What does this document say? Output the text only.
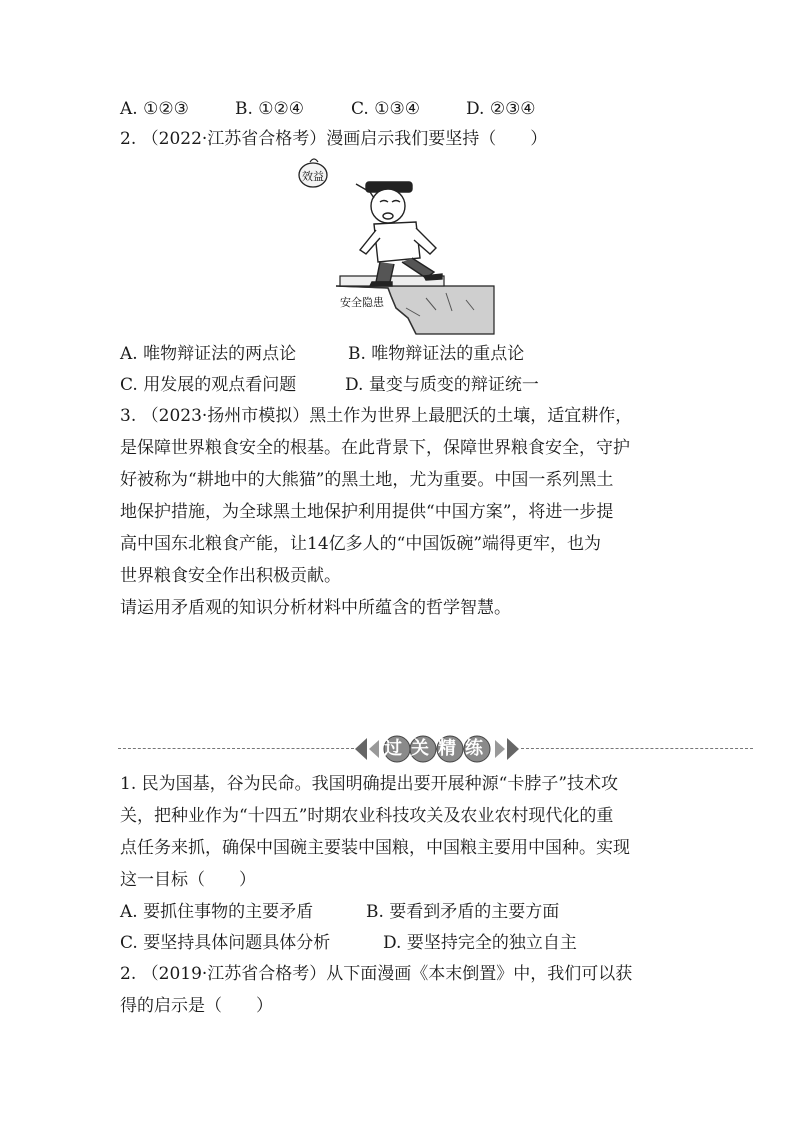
A. ①②③	B. ①②④	C. ①③④	D. ②③④
2. （2022·江苏省合格考）漫画启示我们要坚持（　　）
效益
安全隐患
A. 唯物辩证法的两点论	B. 唯物辩证法的重点论
C. 用发展的观点看问题	D. 量变与质变的辩证统一
3. （2023·扬州市模拟）黑土作为世界上最肥沃的土壤，适宜耕作，
是保障世界粮食安全的根基。在此背景下，保障世界粮食安全，守护
好被称为“耕地中的大熊猫”的黑土地，尤为重要。中国一系列黑土
地保护措施，为全球黑土地保护利用提供“中国方案”，将进一步提
高中国东北粮食产能，让14亿多人的“中国饭碗”端得更牢，也为
世界粮食安全作出积极贡献。
请运用矛盾观的知识分析材料中所蕴含的哲学智慧。
过关精练
1. 民为国基，谷为民命。我国明确提出要开展种源“卡脖子”技术攻
关，把种业作为“十四五”时期农业科技攻关及农业农村现代化的重
点任务来抓，确保中国碗主要装中国粮，中国粮主要用中国种。实现
这一目标（　　）
A. 要抓住事物的主要矛盾	B. 要看到矛盾的主要方面
C. 要坚持具体问题具体分析	D. 要坚持完全的独立自主
2. （2019·江苏省合格考）从下面漫画《本末倒置》中，我们可以获
得的启示是（　　）
